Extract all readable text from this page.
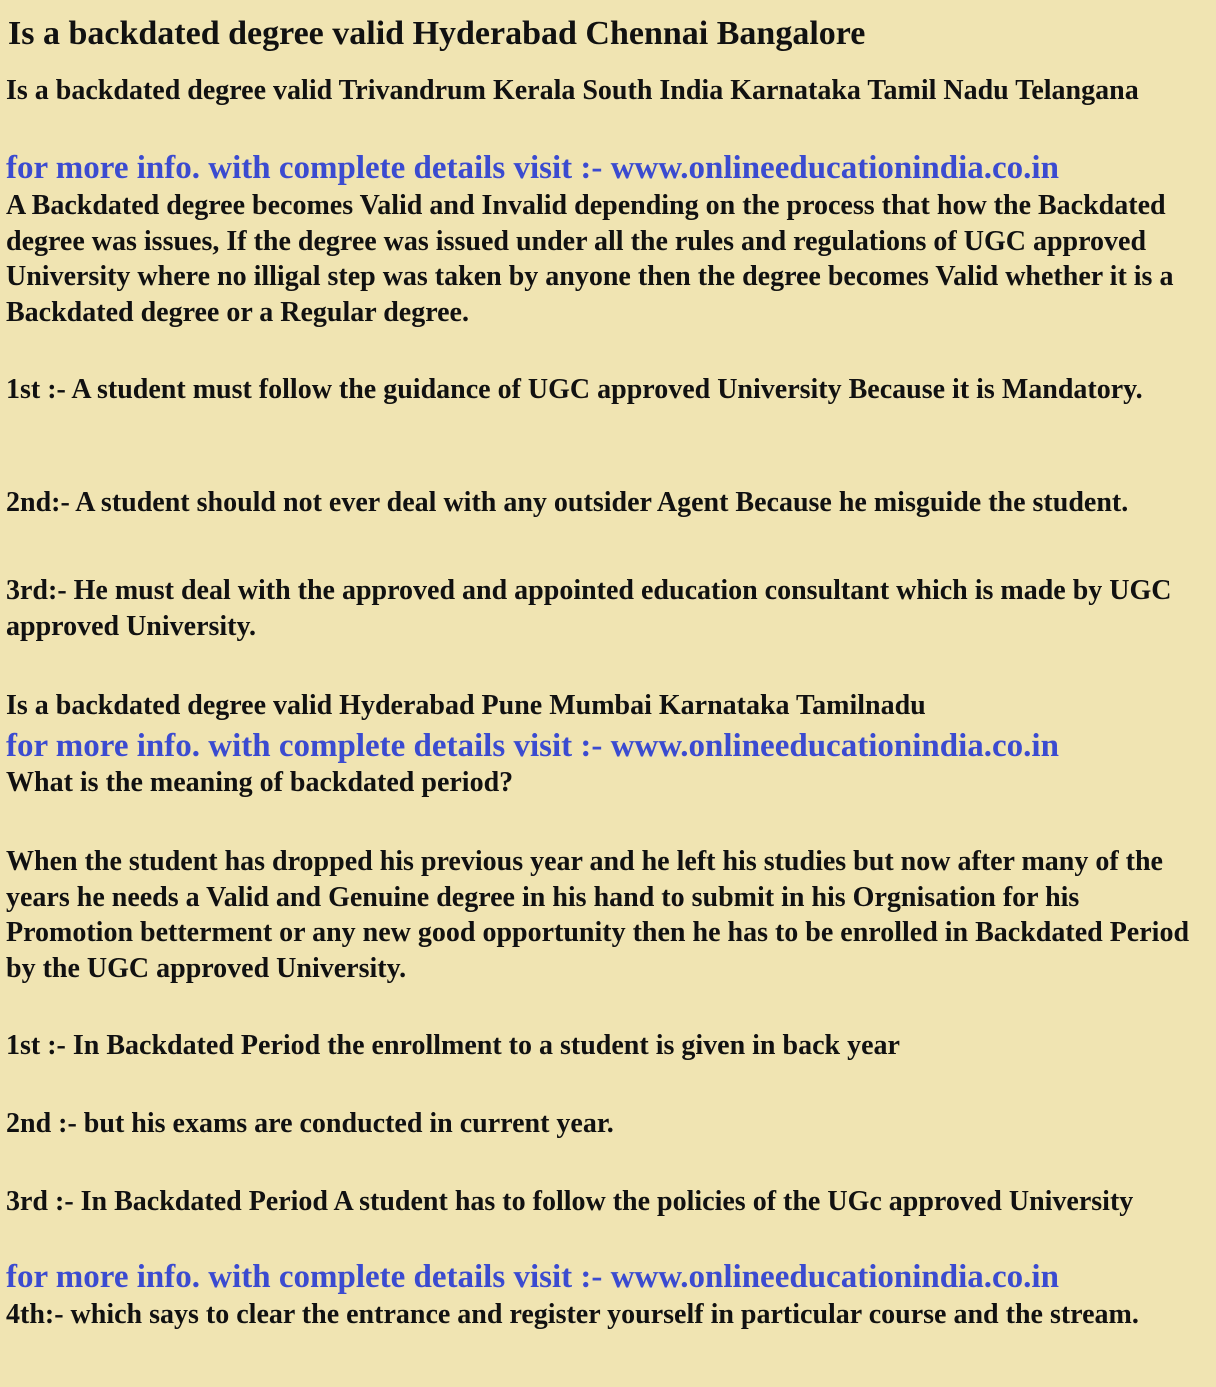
Is a backdated degree valid Hyderabad Chennai Bangalore

Is a backdated degree valid Trivandrum Kerala South India Karnataka Tamil Nadu Telangana

for more info. with complete details visit :- www.onlineeducationindia.co.in

A Backdated degree becomes Valid and Invalid depending on the process that how the Backdated degree was issues, If the degree was issued under all the rules and regulations of UGC approved University where no illigal step was taken by anyone then the degree becomes Valid whether it is a Backdated degree or a Regular degree.

1st :- A student must follow the guidance of UGC approved University Because it is Mandatory.

2nd:- A student should not ever deal with any outsider Agent Because he misguide the student.

3rd:- He must deal with the approved and appointed education consultant which is made by UGC approved University.

Is a backdated degree valid Hyderabad Pune Mumbai Karnataka Tamilnadu

for more info. with complete details visit :- www.onlineeducationindia.co.in

What is the meaning of backdated period?

When the student has dropped his previous year and he left his studies but now after many of the years he needs a Valid and Genuine degree in his hand to submit in his Orgnisation for his Promotion betterment or any new good opportunity then he has to be enrolled in Backdated Period by the UGC approved University.

1st :- In Backdated Period the enrollment to a student is given in back year

2nd :- but his exams are conducted in current year.

3rd :- In Backdated Period A student has to follow the policies of the UGc approved University

for more info. with complete details visit :- www.onlineeducationindia.co.in

4th:- which says to clear the entrance and register yourself in particular course and the stream.
